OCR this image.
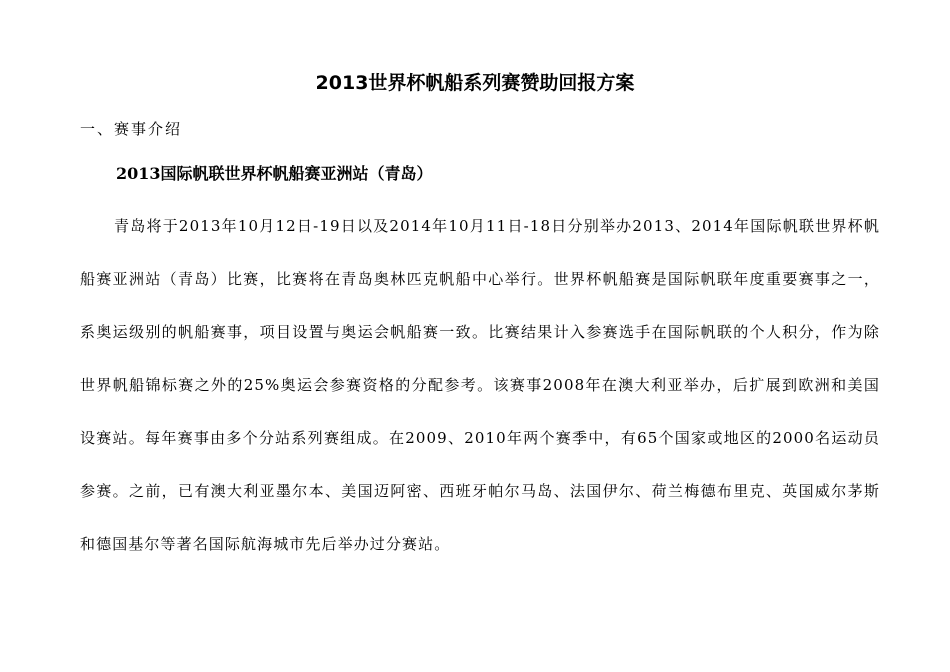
2013世界杯帆船系列赛赞助回报方案
一、赛事介绍
2013国际帆联世界杯帆船赛亚洲站（青岛）

青岛将于2013年10月12日-19日以及2014年10月11日-18日分别举办2013、2014年国际帆联世界杯帆船赛亚洲站（青岛）比赛，比赛将在青岛奥林匹克帆船中心举行。世界杯帆船赛是国际帆联年度重要赛事之一，系奥运级别的帆船赛事，项目设置与奥运会帆船赛一致。比赛结果计入参赛选手在国际帆联的个人积分，作为除世界帆船锦标赛之外的25%奥运会参赛资格的分配参考。该赛事2008年在澳大利亚举办，后扩展到欧洲和美国设赛站。每年赛事由多个分站系列赛组成。在2009、2010年两个赛季中，有65个国家或地区的2000名运动员参赛。之前，已有澳大利亚墨尔本、美国迈阿密、西班牙帕尔马岛、法国伊尔、荷兰梅德布里克、英国威尔茅斯和德国基尔等著名国际航海城市先后举办过分赛站。
